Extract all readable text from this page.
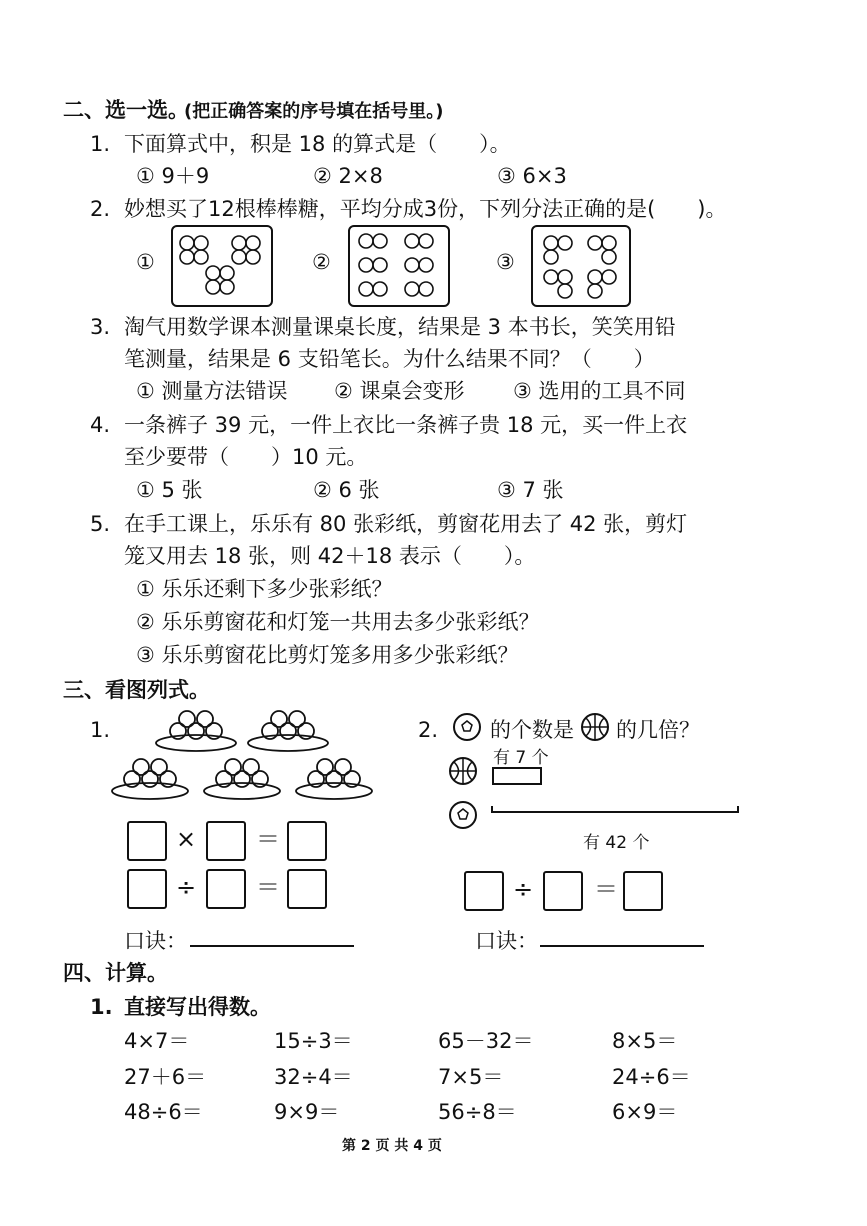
二、选一选。
(把正确答案的序号填在括号里。)
1. 下面算式中，积是 18 的算式是（　　）。
① 9＋9	② 2×8	③ 6×3
2. 妙想买了12根棒棒糖，平均分成3份，下列分法正确的是(　　)。
①	②	③
3. 淘气用数学课本测量课桌长度，结果是 3 本书长，笑笑用铅
笔测量，结果是 6 支铅笔长。为什么结果不同？（　　）
① 测量方法错误 ② 课桌会变形 ③ 选用的工具不同
4. 一条裤子 39 元，一件上衣比一条裤子贵 18 元，买一件上衣
至少要带（　　）10 元。
① 5 张	② 6 张	③ 7 张
5. 在手工课上，乐乐有 80 张彩纸，剪窗花用去了 42 张，剪灯
笼又用去 18 张，则 42＋18 表示（　　）。
① 乐乐还剩下多少张彩纸？
② 乐乐剪窗花和灯笼一共用去多少张彩纸？
③ 乐乐剪窗花比剪灯笼多用多少张彩纸？
三、看图列式。
1.
× ＝
÷ ＝
口诀：
2. 的个数是 的几倍？
有 7 个
有 42 个
÷	＝
口诀：
四、计算。
1. 直接写出得数。
4×7＝	15÷3＝	65－32＝	8×5＝
27＋6＝	32÷4＝	7×5＝	24÷6＝
48÷6＝	9×9＝	56÷8＝	6×9＝
第 2 页 共 4 页
